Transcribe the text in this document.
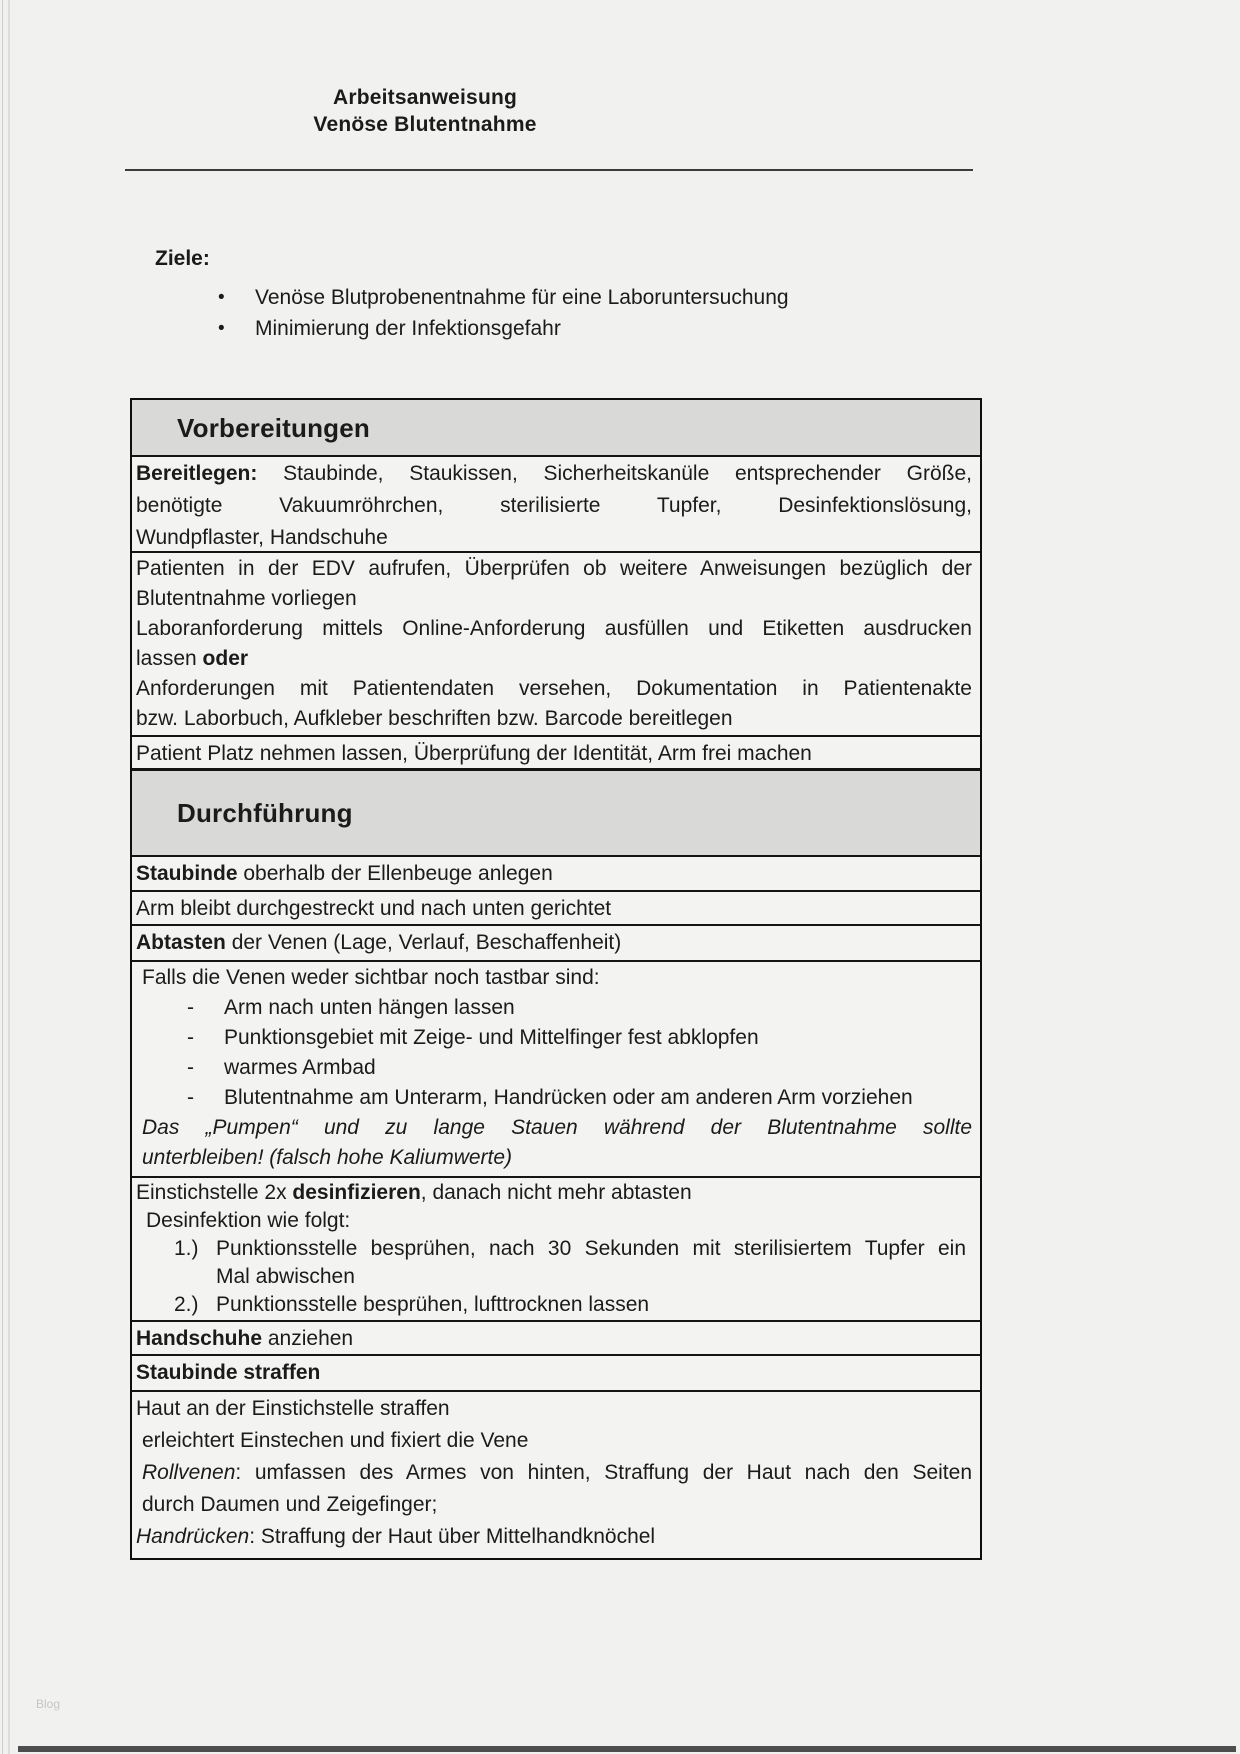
Arbeitsanweisung
Venöse Blutentnahme
Ziele:
•	Venöse Blutprobenentnahme für eine Laboruntersuchung
•	Minimierung der Infektionsgefahr
Vorbereitungen
Bereitlegen: Staubinde, Staukissen, Sicherheitskanüle entsprechender Größe,
benötigte Vakuumröhrchen, sterilisierte Tupfer, Desinfektionslösung,
Wundpflaster, Handschuhe
Patienten in der EDV aufrufen, Überprüfen ob weitere Anweisungen bezüglich der
Blutentnahme vorliegen
Laboranforderung mittels Online-Anforderung ausfüllen und Etiketten ausdrucken
lassen oder
Anforderungen mit Patientendaten versehen, Dokumentation in Patientenakte
bzw. Laborbuch, Aufkleber beschriften bzw. Barcode bereitlegen
Patient Platz nehmen lassen, Überprüfung der Identität, Arm frei machen
Durchführung
Staubinde oberhalb der Ellenbeuge anlegen
Arm bleibt durchgestreckt und nach unten gerichtet
Abtasten der Venen (Lage, Verlauf, Beschaffenheit)
Falls die Venen weder sichtbar noch tastbar sind:
-	Arm nach unten hängen lassen
-	Punktionsgebiet mit Zeige- und Mittelfinger fest abklopfen
-	warmes Armbad
-	Blutentnahme am Unterarm, Handrücken oder am anderen Arm vorziehen
Das „Pumpen“ und zu lange Stauen während der Blutentnahme sollte
unterbleiben! (falsch hohe Kaliumwerte)
Einstichstelle 2x desinfizieren, danach nicht mehr abtasten
Desinfektion wie folgt:
1.) Punktionsstelle besprühen, nach 30 Sekunden mit sterilisiertem Tupfer ein
Mal abwischen
2.) Punktionsstelle besprühen, lufttrocknen lassen
Handschuhe anziehen
Staubinde straffen
Haut an der Einstichstelle straffen
erleichtert Einstechen und fixiert die Vene
Rollvenen: umfassen des Armes von hinten, Straffung der Haut nach den Seiten
durch Daumen und Zeigefinger;
Handrücken: Straffung der Haut über Mittelhandknöchel
Blog
